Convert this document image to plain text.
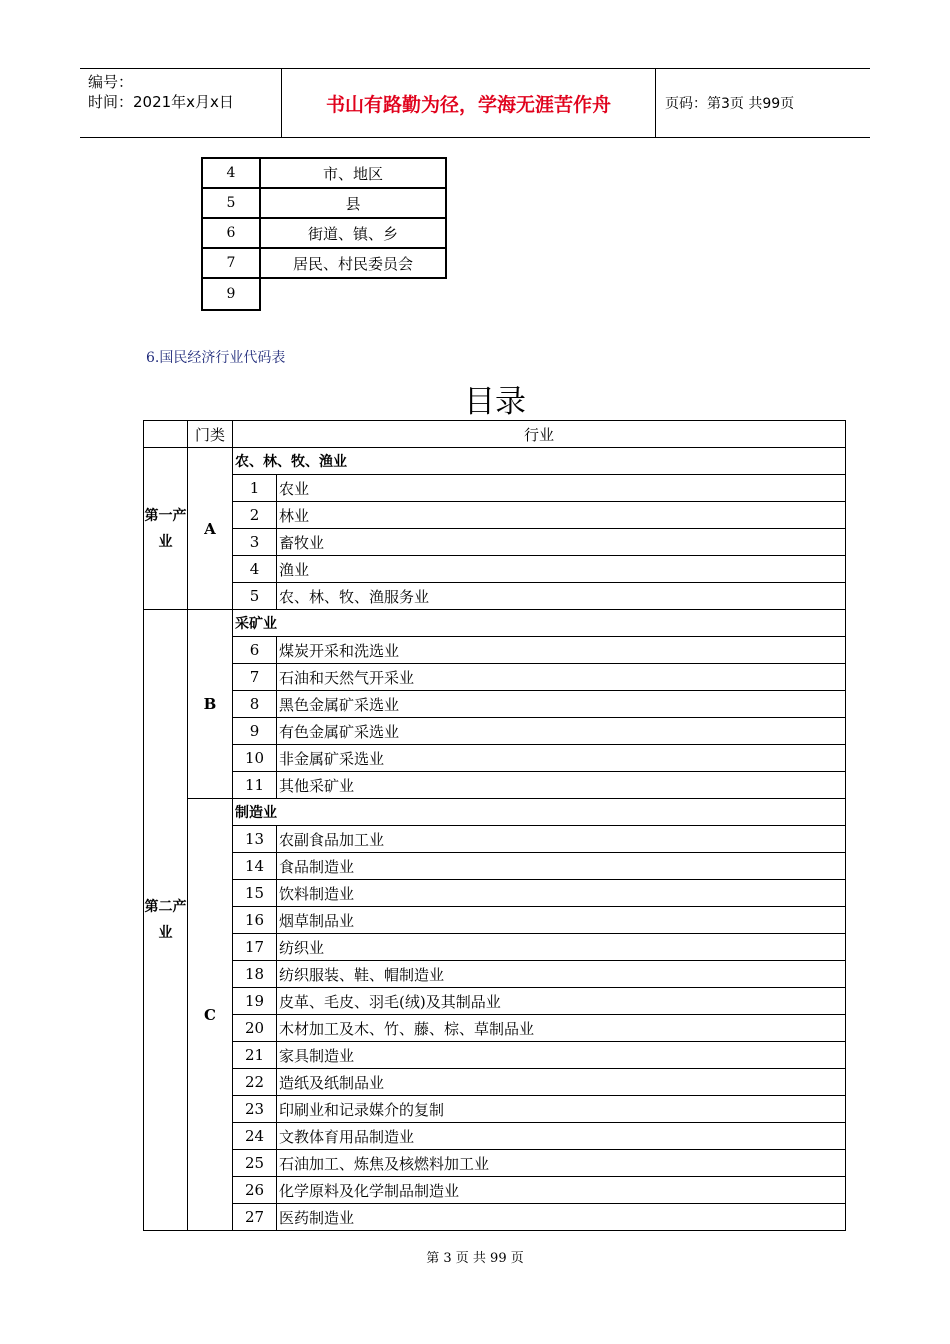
编号：
时间：2021年x月x日	书山有路勤为径，学海无涯苦作舟	页码：第3页 共99页
4	市、地区
5	县
6	街道、镇、乡
7	居民、村民委员会
9	
6.国民经济行业代码表
目录
	门类	行业	
第一产业	A	农、林、牧、渔业	
		1	农业
		2	林业
		3	畜牧业
		4	渔业
		5	农、林、牧、渔服务业
第二产业	B	采矿业	
		6	煤炭开采和洗选业
		7	石油和天然气开采业
		8	黑色金属矿采选业
		9	有色金属矿采选业
		10	非金属矿采选业
		11	其他采矿业
	C	制造业	
		13	农副食品加工业
		14	食品制造业
		15	饮料制造业
		16	烟草制品业
		17	纺织业
		18	纺织服装、鞋、帽制造业
		19	皮革、毛皮、羽毛(绒)及其制品业
		20	木材加工及木、竹、藤、棕、草制品业
		21	家具制造业
		22	造纸及纸制品业
		23	印刷业和记录媒介的复制
		24	文教体育用品制造业
		25	石油加工、炼焦及核燃料加工业
		26	化学原料及化学制品制造业
		27	医药制造业
第 3 页 共 99 页
